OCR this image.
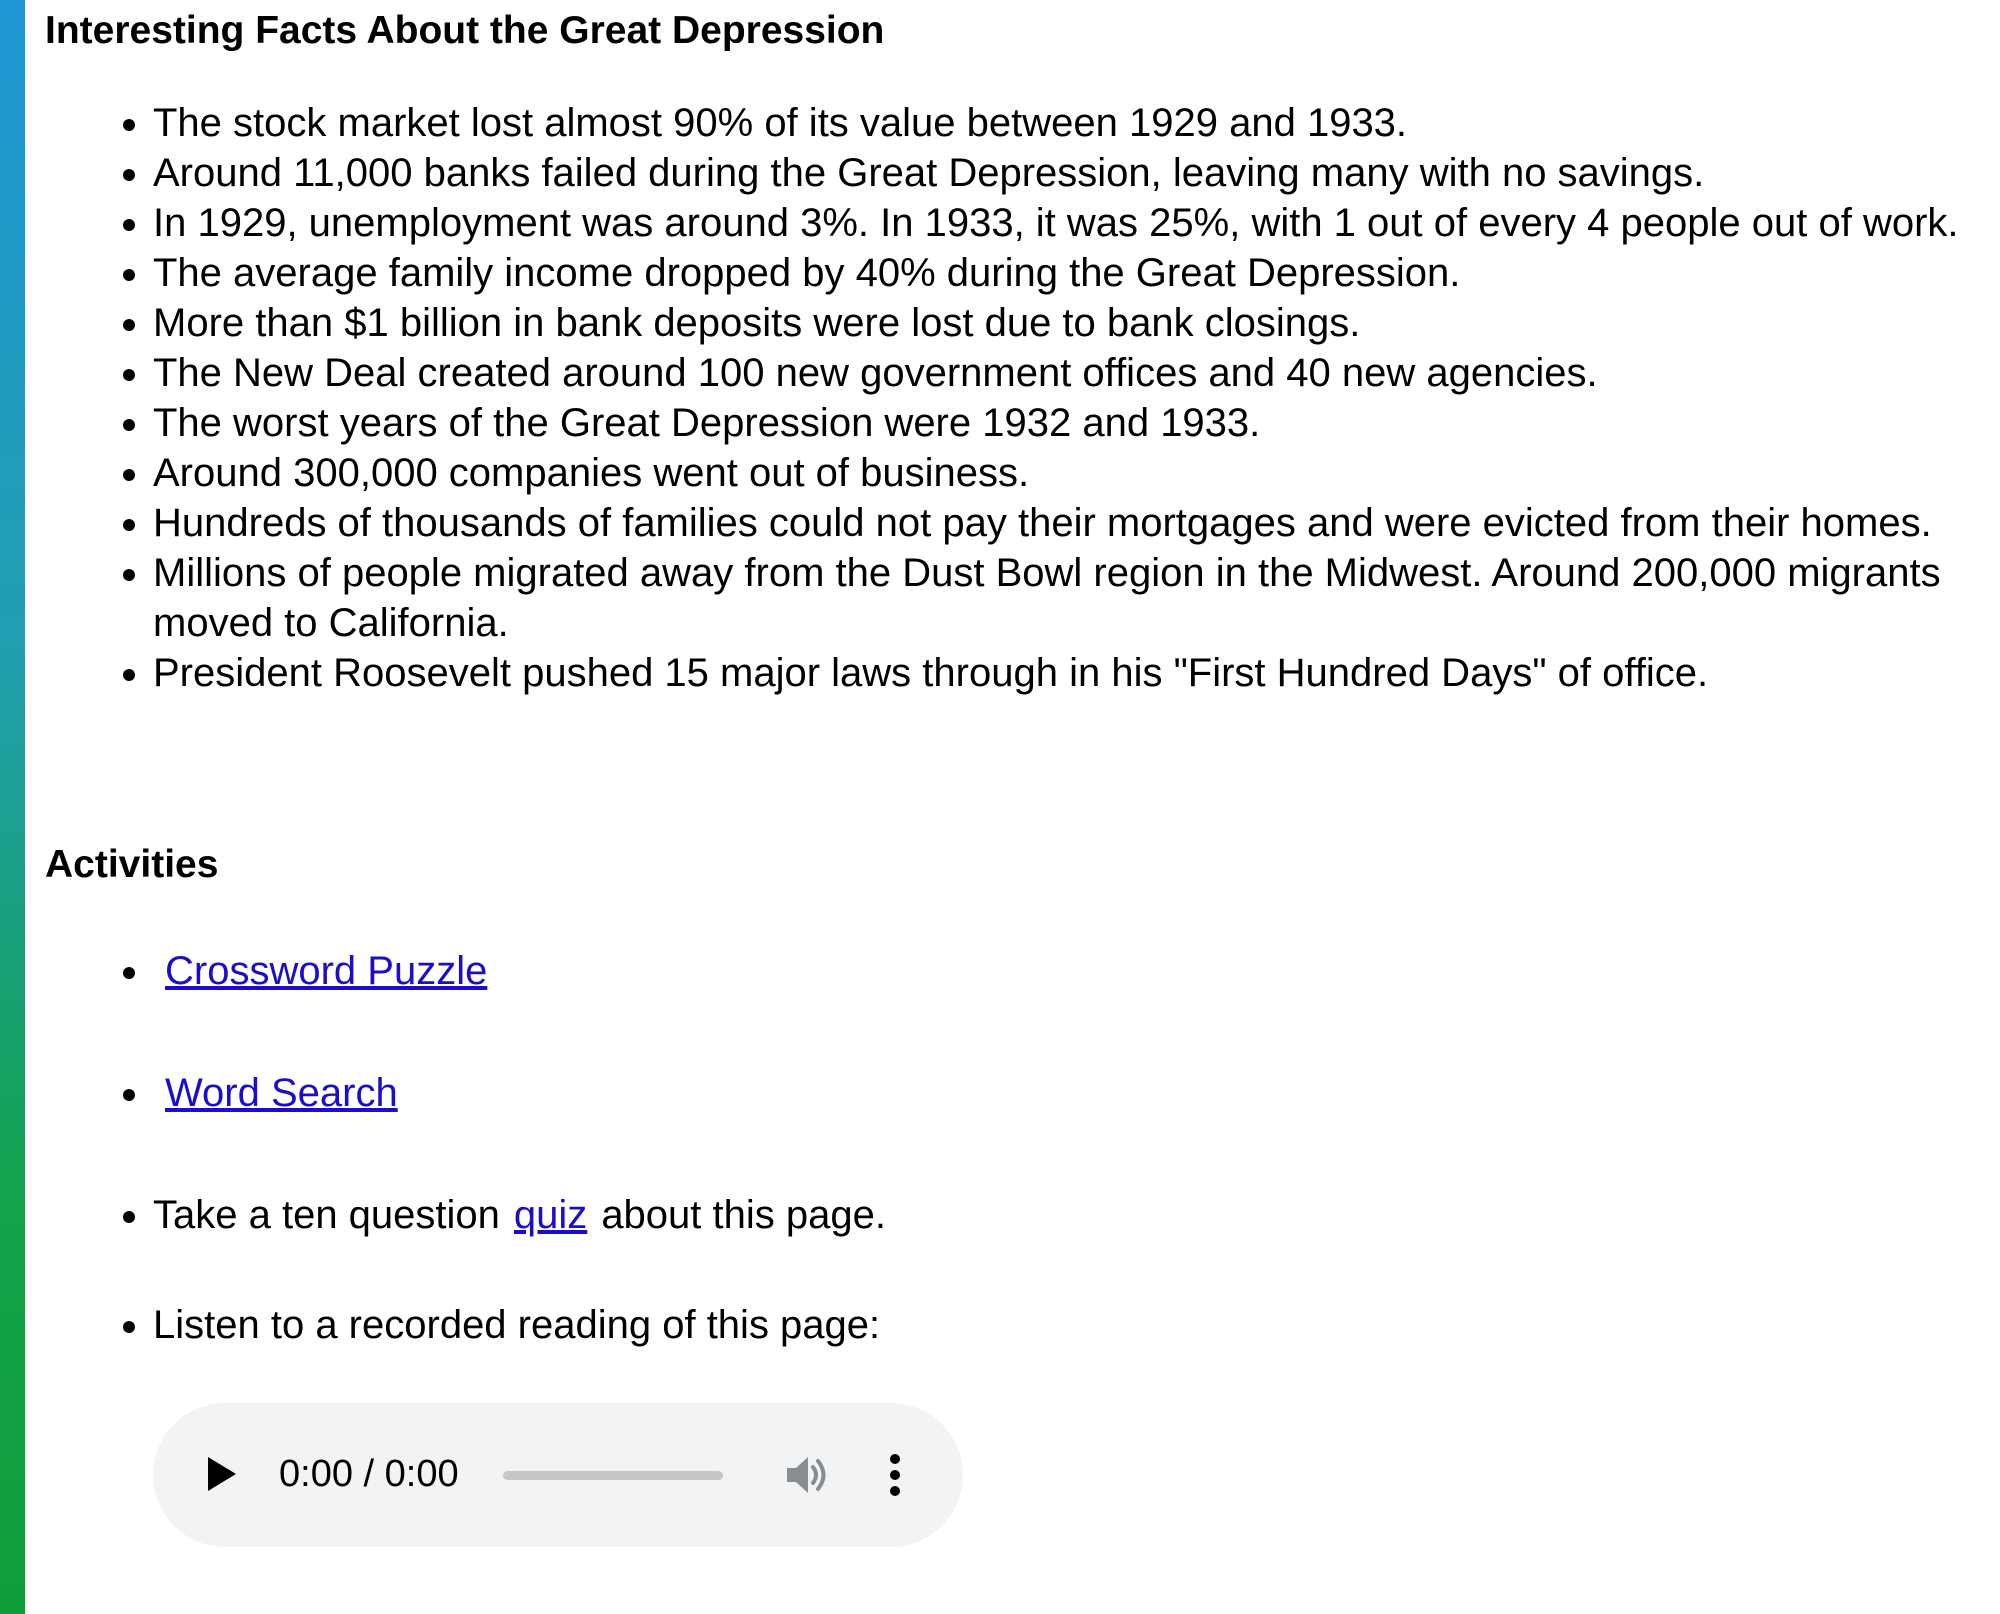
Interesting Facts About the Great Depression
• The stock market lost almost 90% of its value between 1929 and 1933.
• Around 11,000 banks failed during the Great Depression, leaving many with no savings.
• In 1929, unemployment was around 3%. In 1933, it was 25%, with 1 out of every 4 people out of work.
• The average family income dropped by 40% during the Great Depression.
• More than $1 billion in bank deposits were lost due to bank closings.
• The New Deal created around 100 new government offices and 40 new agencies.
• The worst years of the Great Depression were 1932 and 1933.
• Around 300,000 companies went out of business.
• Hundreds of thousands of families could not pay their mortgages and were evicted from their homes.
• Millions of people migrated away from the Dust Bowl region in the Midwest. Around 200,000 migrants moved to California.
• President Roosevelt pushed 15 major laws through in his "First Hundred Days" of office.
Activities
• Crossword Puzzle
• Word Search
• Take a ten question quiz about this page.
• Listen to a recorded reading of this page:
0:00 / 0:00
